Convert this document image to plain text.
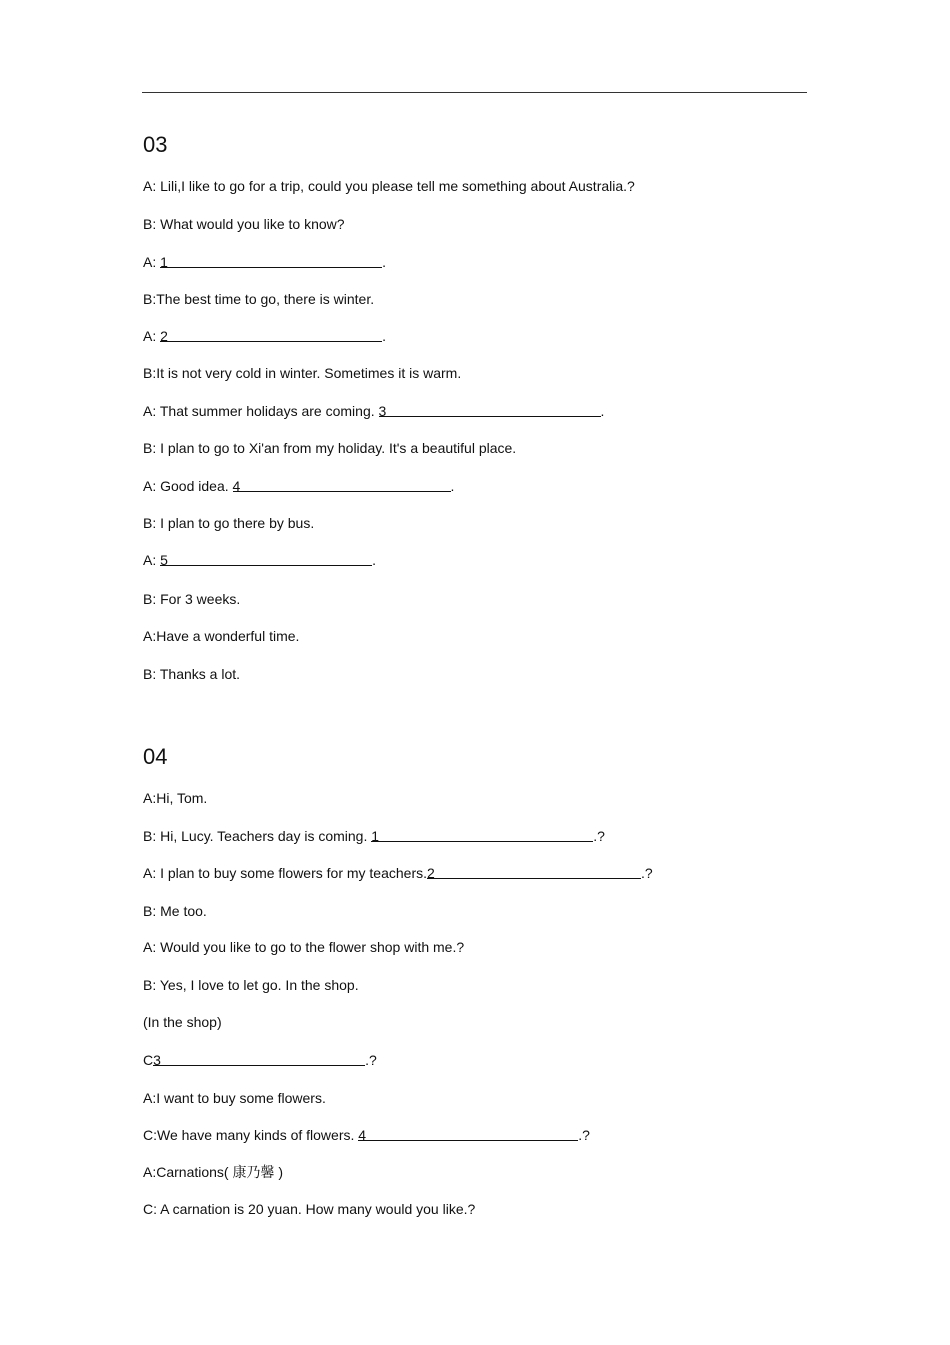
03
A: Lili,I like to go for a trip, could you please tell me something about Australia.?
B: What would you like to know?
A: 1	.
B:The best time to go, there is winter.
A: 2	.
B:It is not very cold in winter. Sometimes it is warm.
A: That summer holidays are coming. 3	.
B: I plan to go to Xi'an from my holiday. It's a beautiful place.
A: Good idea. 4	.
B: I plan to go there by bus.
A: 5	.
B: For 3 weeks.
A:Have a wonderful time.
B: Thanks a lot.
04
A:Hi, Tom.
B: Hi, Lucy. Teachers day is coming. 1	.?
A: I plan to buy some flowers for my teachers.2	.?
B: Me too.
A: Would you like to go to the flower shop with me.?
B: Yes, I love to let go. In the shop.
(In the shop)
C3	.?
A:I want to buy some flowers.
C:We have many kinds of flowers. 4	.?
A:Carnations( 康乃馨 )
C: A carnation is 20 yuan. How many would you like.?
